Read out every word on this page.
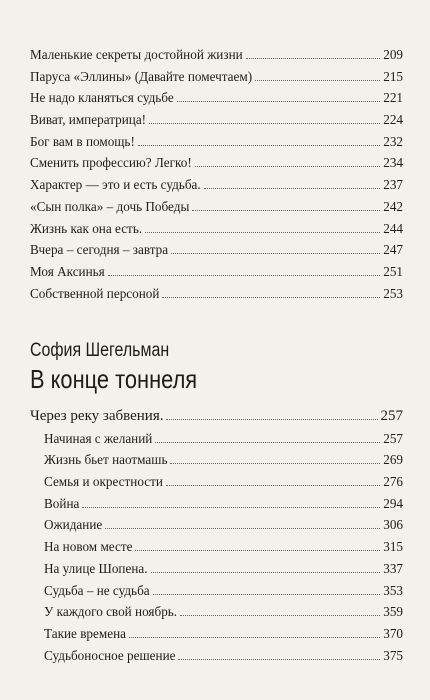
Маленькие секреты достойной жизни	209
Паруса «Эллины» (Давайте помечтаем)	215
Не надо кланяться судьбе	221
Виват, императрица!	224
Бог вам в помощь!	232
Сменить профессию? Легко!	234
Характер — это и есть судьба.	237
«Сын полка» – дочь Победы	242
Жизнь как она есть.	244
Вчера – сегодня – завтра	247
Моя Аксинья	251
Собственной персоной	253
София Шегельман
В конце тоннеля
Через реку забвения.	257
Начиная с желаний	257
Жизнь бьет наотмашь	269
Семья и окрестности	276
Война	294
Ожидание	306
На новом месте	315
На улице Шопена.	337
Судьба – не судьба	353
У каждого свой ноябрь.	359
Такие времена	370
Судьбоносное решение	375
